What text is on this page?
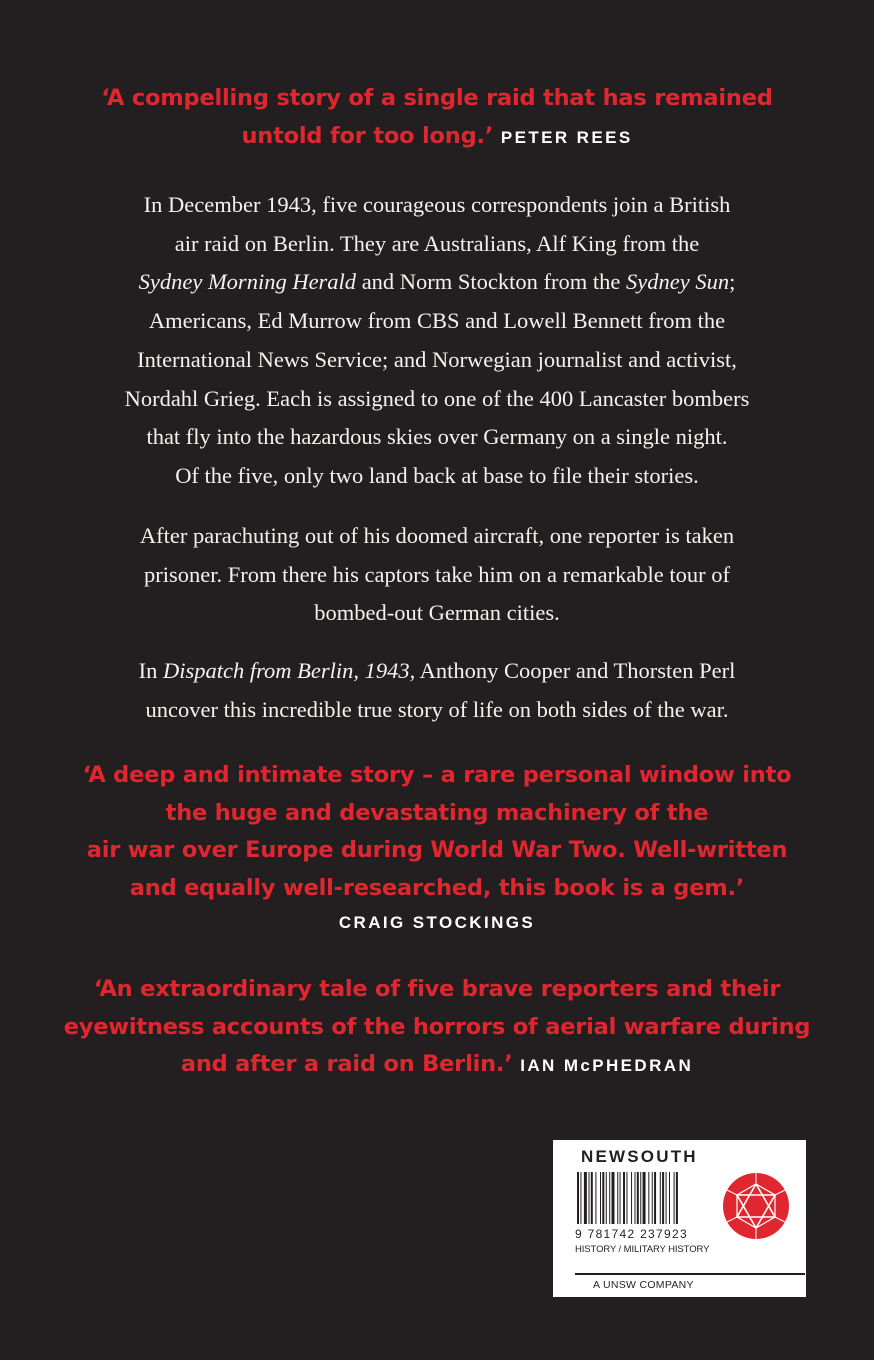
‘A compelling story of a single raid that has remained
untold for too long.’ PETER REES

In December 1943, five courageous correspondents join a British
air raid on Berlin. They are Australians, Alf King from the
Sydney Morning Herald and Norm Stockton from the Sydney Sun;
Americans, Ed Murrow from CBS and Lowell Bennett from the
International News Service; and Norwegian journalist and activist,
Nordahl Grieg. Each is assigned to one of the 400 Lancaster bombers
that fly into the hazardous skies over Germany on a single night.
Of the five, only two land back at base to file their stories.

After parachuting out of his doomed aircraft, one reporter is taken
prisoner. From there his captors take him on a remarkable tour of
bombed-out German cities.

In Dispatch from Berlin, 1943, Anthony Cooper and Thorsten Perl
uncover this incredible true story of life on both sides of the war.

‘A deep and intimate story – a rare personal window into
the huge and devastating machinery of the
air war over Europe during World War Two. Well-written
and equally well-researched, this book is a gem.’
CRAIG STOCKINGS
‘An extraordinary tale of five brave reporters and their
eyewitness accounts of the horrors of aerial warfare during
and after a raid on Berlin.’ IAN McPHEDRAN
NEWSOUTH
9 781742 237923
HISTORY / MILITARY HISTORY
A UNSW COMPANY
